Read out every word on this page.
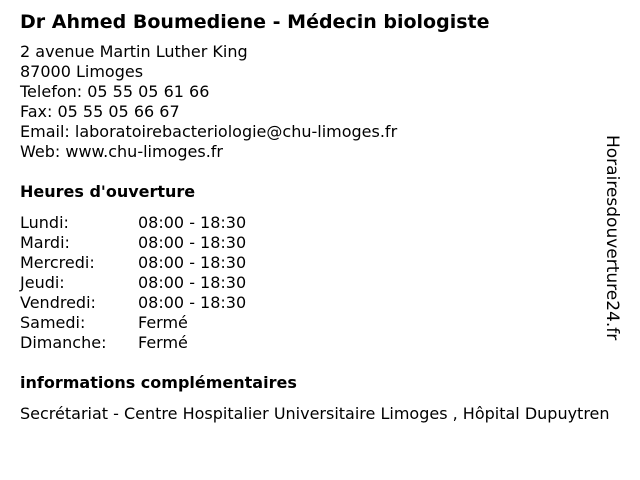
Dr Ahmed Boumediene - Médecin biologiste
2 avenue Martin Luther King
87000 Limoges
Telefon: 05 55 05 61 66
Fax: 05 55 05 66 67
Email: laboratoirebacteriologie@chu-limoges.fr
Web: www.chu-limoges.fr
Heures d'ouverture
Lundi:	08:00 - 18:30
Mardi:	08:00 - 18:30
Mercredi:	08:00 - 18:30
Jeudi:	08:00 - 18:30
Vendredi:	08:00 - 18:30
Samedi:	Fermé
Dimanche:	Fermé
informations complémentaires
Secrétariat - Centre Hospitalier Universitaire Limoges , Hôpital Dupuytren
Horairesdouverture24.fr
